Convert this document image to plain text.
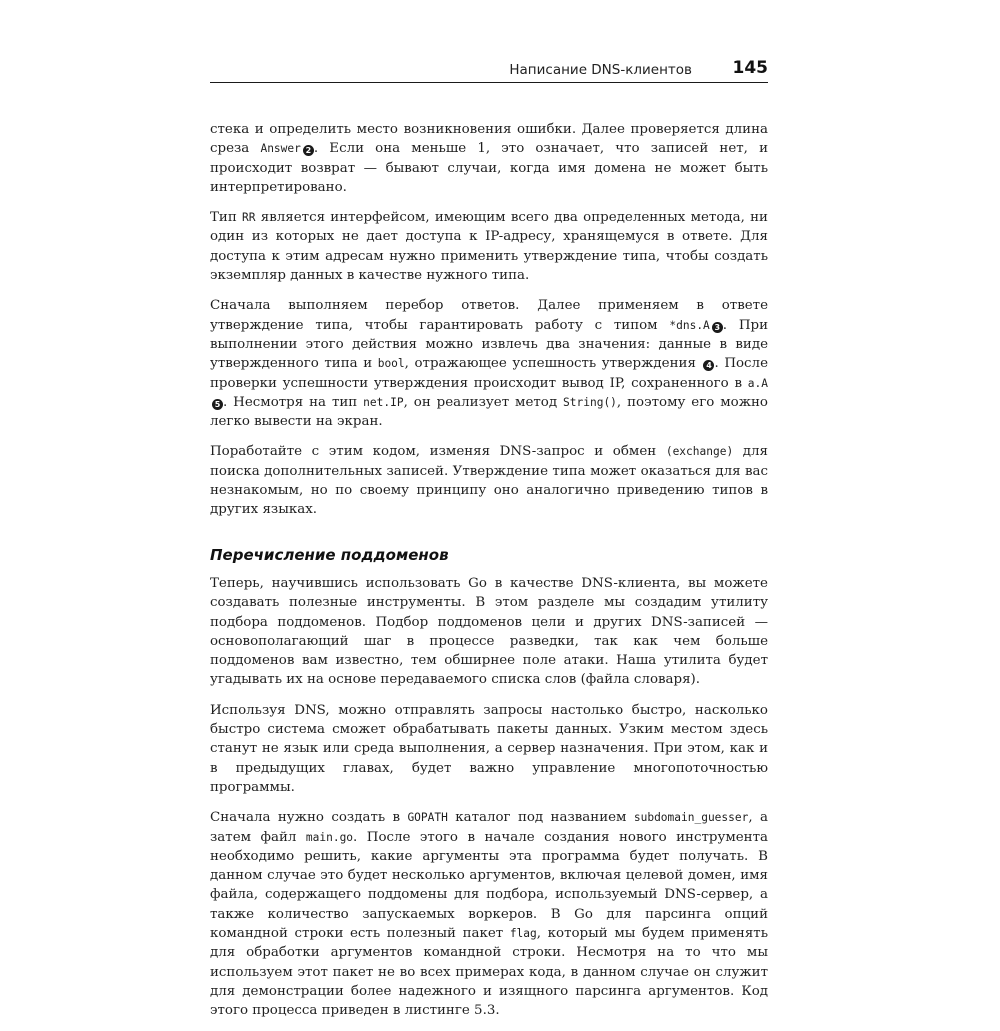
Написание DNS-клиентов 145

стека и определить место возникновения ошибки. Далее проверяется длина среза Answer 2 . Если она меньше 1, это означает, что записей нет, и происходит возврат — бывают случаи, когда имя домена не может быть интерпретировано.

Тип RR является интерфейсом, имеющим всего два определенных метода, ни один из которых не дает доступа к IP-адресу, хранящемуся в ответе. Для доступа к этим адресам нужно применить утверждение типа, чтобы создать экземпляр данных в качестве нужного типа.

Сначала выполняем перебор ответов. Далее применяем в ответе утверждение типа, чтобы гарантировать работу с типом *dns.A 3 . При выполнении этого действия можно извлечь два значения: данные в виде утвержденного типа и bool, отражающее успешность утверждения 4 . После проверки успешности утверждения происходит вывод IP, сохраненного в a.A5 . Несмотря на тип net.IP, он реализует метод String(), поэтому его можно легко вывести на экран.

Поработайте с этим кодом, изменяя DNS-запрос и обмен (exchange) для поиска дополнительных записей. Утверждение типа может оказаться для вас незнакомым, но по своему принципу оно аналогично приведению типов в других языках.

Перечисление поддоменов

Теперь, научившись использовать Go в качестве DNS-клиента, вы можете создавать полезные инструменты. В этом разделе мы создадим утилиту подбора поддоменов. Подбор поддоменов цели и других DNS-записей — основополагающий шаг в процессе разведки, так как чем больше поддоменов вам известно, тем обширнее поле атаки. Наша утилита будет угадывать их на основе передаваемого списка слов (файла словаря).

Используя DNS, можно отправлять запросы настолько быстро, насколько быстро система сможет обрабатывать пакеты данных. Узким местом здесь станут не язык или среда выполнения, а сервер назначения. При этом, как и в предыдущих главах, будет важно управление многопоточностью программы.

Сначала нужно создать в GOPATH каталог под названием subdomain_guesser, а затем файл main.go. После этого в начале создания нового инструмента необходимо решить, какие аргументы эта программа будет получать. В данном случае это будет несколько аргументов, включая целевой домен, имя файла, содержащего поддомены для подбора, используемый DNS-сервер, а также количество запускаемых воркеров. В Go для парсинга опций командной строки есть полезный пакет flag, который мы будем применять для обработки аргументов командной строки. Несмотря на то что мы используем этот пакет не во всех примерах кода, в данном случае он служит для демонстрации более надежного и изящного парсинга аргументов. Код этого процесса приведен в листинге 5.3.
